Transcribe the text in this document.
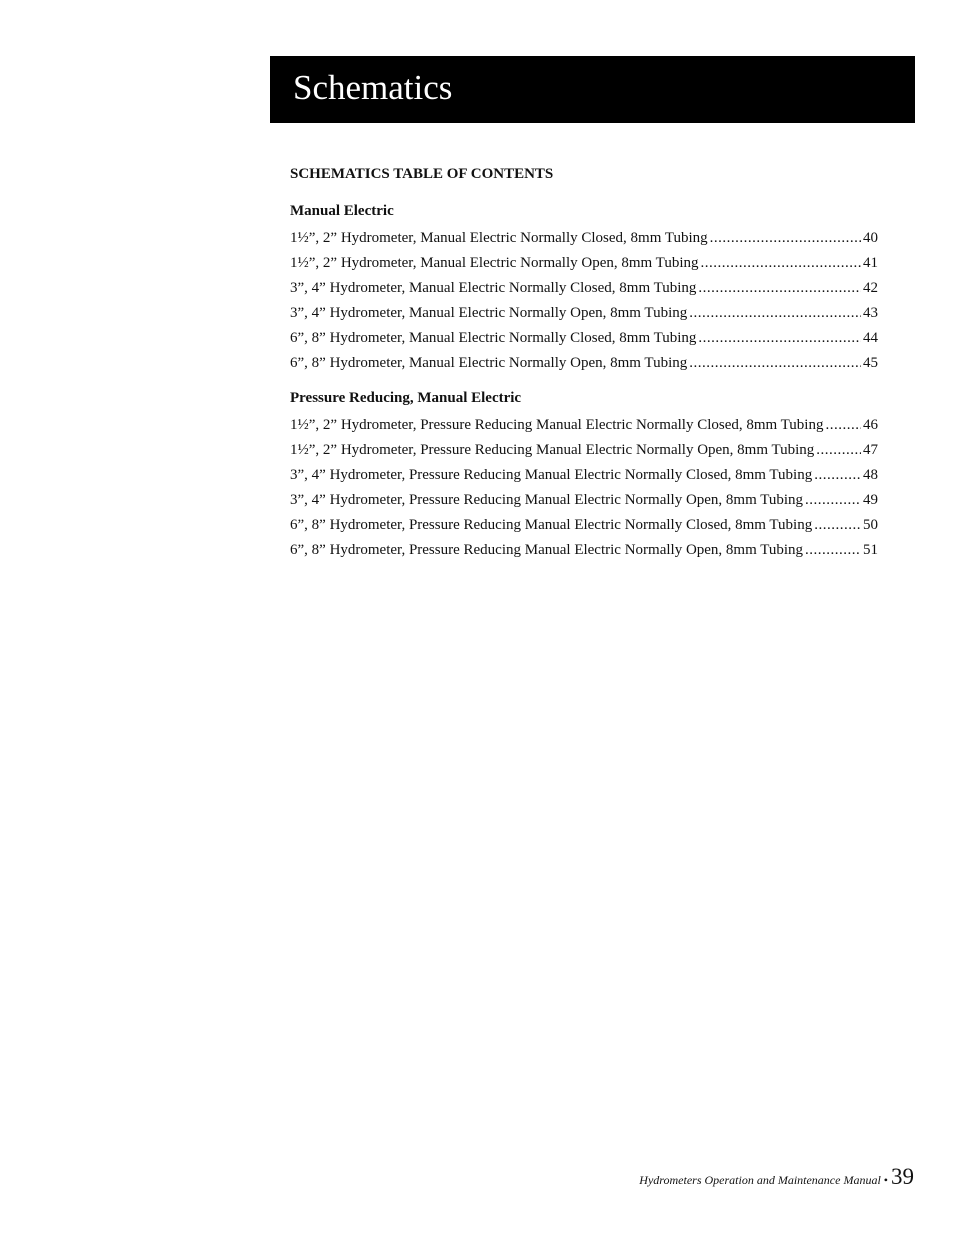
Schematics
SCHEMATICS TABLE OF CONTENTS
Manual Electric
1½”, 2” Hydrometer, Manual Electric Normally Closed, 8mm Tubing .....	40
1½”, 2” Hydrometer, Manual Electric Normally Open, 8mm Tubing .....	41
3”, 4” Hydrometer, Manual Electric Normally Closed, 8mm Tubing .....	42
3”, 4” Hydrometer, Manual Electric Normally Open, 8mm Tubing .....	43
6”, 8” Hydrometer, Manual Electric Normally Closed, 8mm Tubing .....	44
6”, 8” Hydrometer, Manual Electric Normally Open, 8mm Tubing .....	45
Pressure Reducing, Manual Electric
1½”, 2” Hydrometer, Pressure Reducing Manual Electric Normally Closed, 8mm Tubing .....	46
1½”, 2” Hydrometer, Pressure Reducing Manual Electric Normally Open, 8mm Tubing .....	47
3”, 4” Hydrometer, Pressure Reducing Manual Electric Normally Closed, 8mm Tubing .....	48
3”, 4” Hydrometer, Pressure Reducing Manual Electric Normally Open, 8mm Tubing .....	49
6”, 8” Hydrometer, Pressure Reducing Manual Electric Normally Closed, 8mm Tubing .....	50
6”, 8” Hydrometer, Pressure Reducing Manual Electric Normally Open, 8mm Tubing .....	51
Hydrometers Operation and Maintenance Manual • 39
